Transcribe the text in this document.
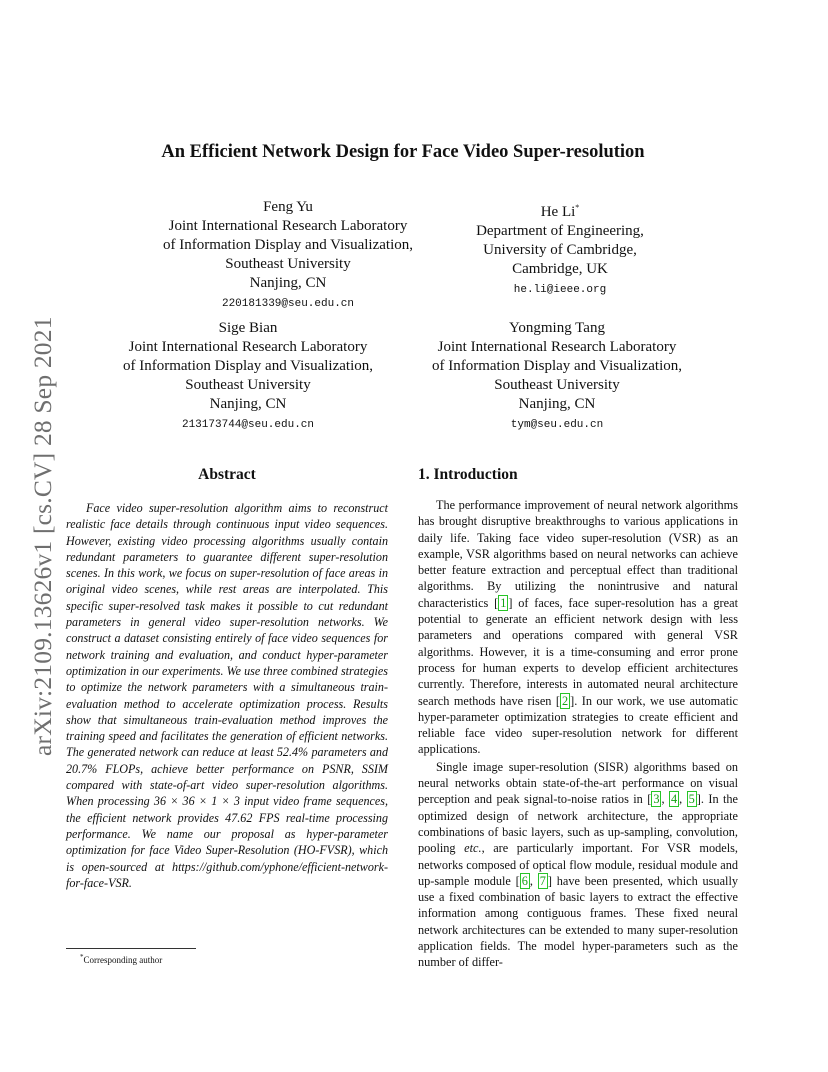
arXiv:2109.13626v1 [cs.CV] 28 Sep 2021
An Efficient Network Design for Face Video Super-resolution
Feng Yu
Joint International Research Laboratory
of Information Display and Visualization,
Southeast University
Nanjing, CN
220181339@seu.edu.cn
He Li*
Department of Engineering,
University of Cambridge,
Cambridge, UK
he.li@ieee.org
Sige Bian
Joint International Research Laboratory
of Information Display and Visualization,
Southeast University
Nanjing, CN
213173744@seu.edu.cn
Yongming Tang
Joint International Research Laboratory
of Information Display and Visualization,
Southeast University
Nanjing, CN
tym@seu.edu.cn
Abstract

Face video super-resolution algorithm aims to reconstruct realistic face details through continuous input video sequences. However, existing video processing algorithms usually contain redundant parameters to guarantee different super-resolution scenes. In this work, we focus on super-resolution of face areas in original video scenes, while rest areas are interpolated. This specific super-resolved task makes it possible to cut redundant parameters in general video super-resolution networks. We construct a dataset consisting entirely of face video sequences for network training and evaluation, and conduct hyper-parameter optimization in our experiments. We use three combined strategies to optimize the network parameters with a simultaneous train-evaluation method to accelerate optimization process. Results show that simultaneous train-evaluation method improves the training speed and facilitates the generation of efficient networks. The generated network can reduce at least 52.4% parameters and 20.7% FLOPs, achieve better performance on PSNR, SSIM compared with state-of-art video super-resolution algorithms. When processing 36 × 36 × 1 × 3 input video frame sequences, the efficient network provides 47.62 FPS real-time processing performance. We name our proposal as hyper-parameter optimization for face Video Super-Resolution (HO-FVSR), which is open-sourced at https://github.com/yphone/efficient-network-for-face-VSR.

1. Introduction

The performance improvement of neural network algorithms has brought disruptive breakthroughs to various applications in daily life. Taking face video super-resolution (VSR) as an example, VSR algorithms based on neural networks can achieve better feature extraction and perceptual effect than traditional algorithms. By utilizing the nonintrusive and natural characteristics [ 1 ] of faces, face super-resolution has a great potential to generate an efficient network design with less parameters and operations compared with general VSR algorithms. However, it is a time-consuming and error prone process for human experts to develop efficient architectures currently. Therefore, interests in automated neural architecture search methods have risen [ 2 ]. In our work, we use automatic hyper-parameter optimization strategies to create efficient and reliable face video super-resolution network for different applications.

Single image super-resolution (SISR) algorithms based on neural networks obtain state-of-the-art performance on visual perception and peak signal-to-noise ratios in [ 3 , 4 , 5 ]. In the optimized design of network architecture, the appropriate combinations of basic layers, such as up-sampling, convolution, pooling etc., are particularly important. For VSR models, networks composed of optical flow module, residual module and up-sample module [ 6 , 7 ] have been presented, which usually use a fixed combination of basic layers to extract the effective information among contiguous frames. These fixed neural network architectures can be extended to many super-resolution application fields. The model hyper-parameters such as the number of differ-

*Corresponding author
